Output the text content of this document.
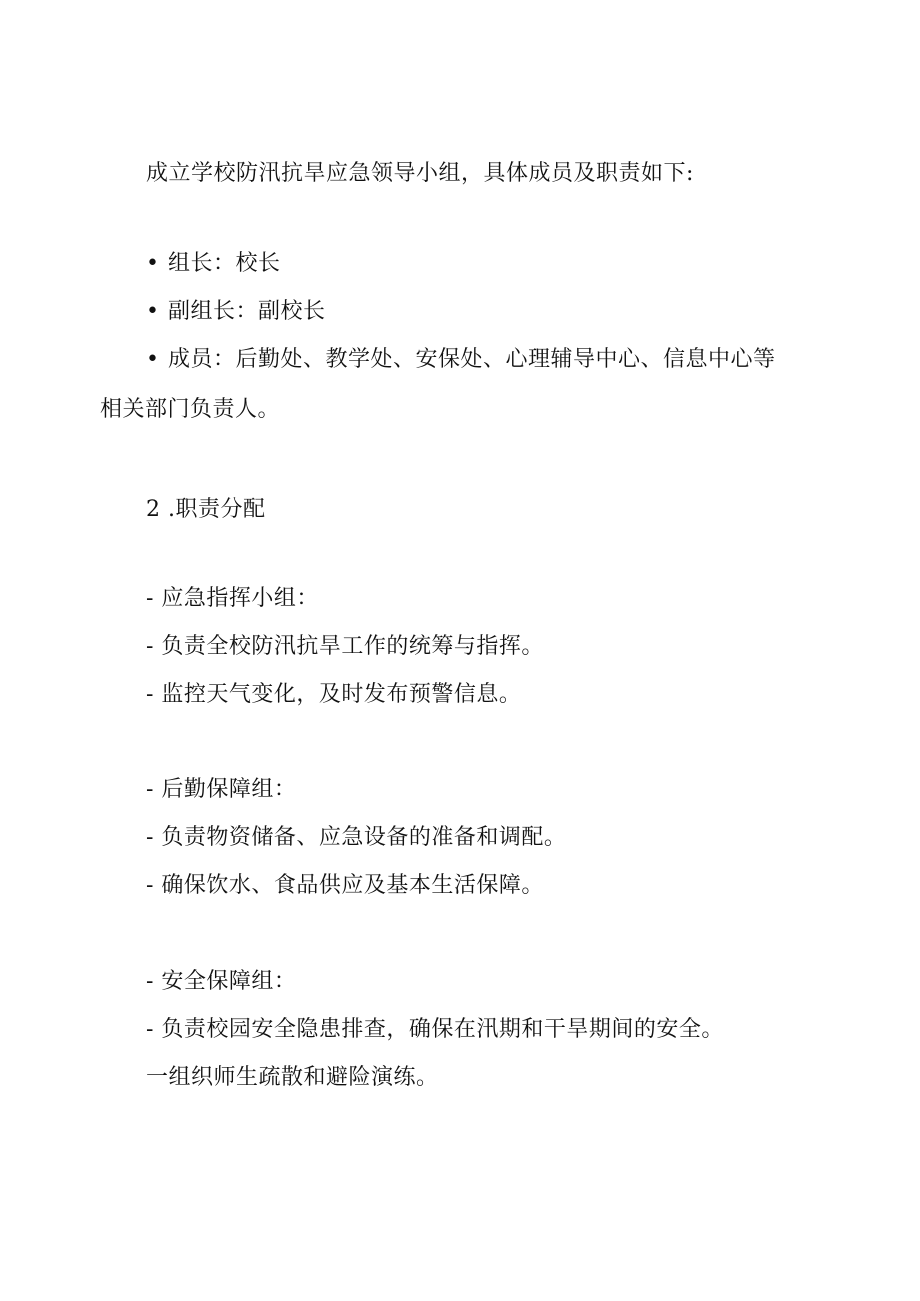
成立学校防汛抗旱应急领导小组，具体成员及职责如下:
• 组长：校长
• 副组长：副校长
• 成员：后勤处、教学处、安保处、心理辅导中心、信息中心等
相关部门负责人。
2 .职责分配
- 应急指挥小组：
- 负责全校防汛抗旱工作的统筹与指挥。
- 监控天气变化，及时发布预警信息。
- 后勤保障组：
- 负责物资储备、应急设备的准备和调配。
- 确保饮水、食品供应及基本生活保障。
- 安全保障组：
- 负责校园安全隐患排查，确保在汛期和干旱期间的安全。
一组织师生疏散和避险演练。
